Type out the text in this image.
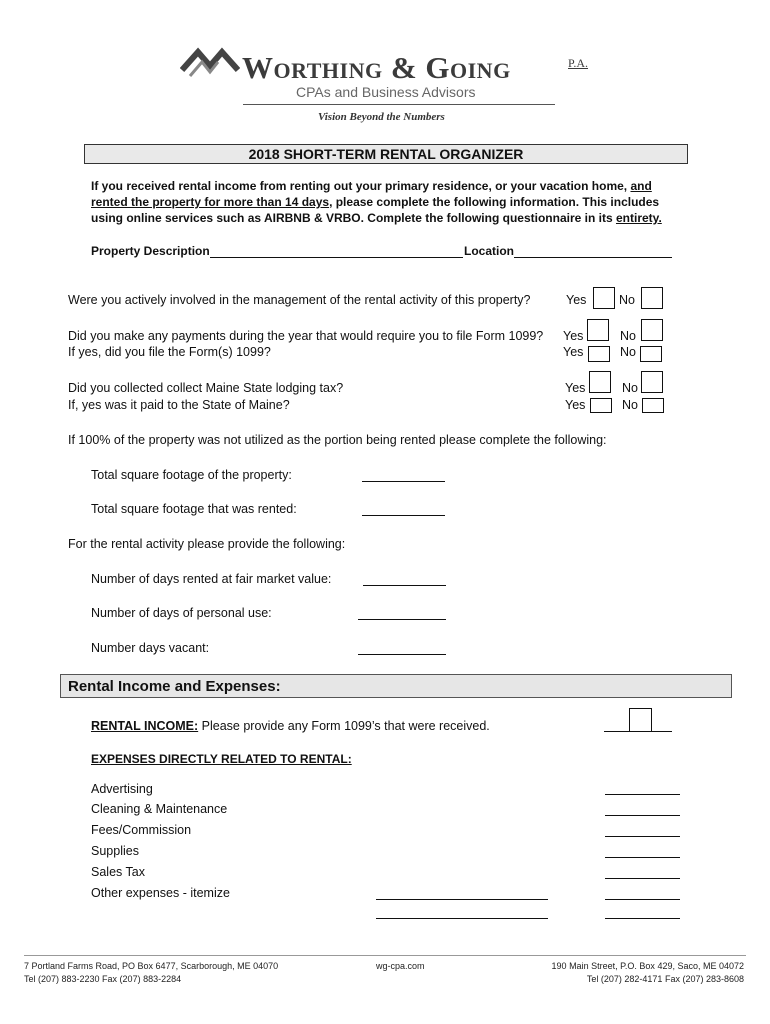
Worthing & Going	P.A.
CPAs and Business Advisors
Vision Beyond the Numbers
2018 SHORT-TERM RENTAL ORGANIZER
If you received rental income from renting out your primary residence, or your vacation home, and
rented the property for more than 14 days, please complete the following information. This includes
using online services such as AIRBNB & VRBO. Complete the following questionnaire in its entirety.
Property Description	Location
Were you actively involved in the management of the rental activity of this property?	Yes	No
Did you make any payments during the year that would require you to file Form 1099? Yes	No
If yes, did you file the Form(s) 1099?	Yes	No
Did you collected collect Maine State lodging tax?	Yes	No
If, yes was it paid to the State of Maine?	Yes	No
If 100% of the property was not utilized as the portion being rented please complete the following:
Total square footage of the property:
Total square footage that was rented:
For the rental activity please provide the following:
Number of days rented at fair market value:
Number of days of personal use:
Number days vacant:
Rental Income and Expenses:
RENTAL INCOME: Please provide any Form 1099’s that were received.
EXPENSES DIRECTLY RELATED TO RENTAL:
Advertising
Cleaning & Maintenance
Fees/Commission
Supplies
Sales Tax
Other expenses - itemize
7 Portland Farms Road, PO Box 6477, Scarborough, ME 04070
Tel (207) 883-2230 Fax (207) 883-2284
wg-cpa.com	190 Main Street, P.O. Box 429, Saco, ME 04072
Tel (207) 282-4171 Fax (207) 283-8608
